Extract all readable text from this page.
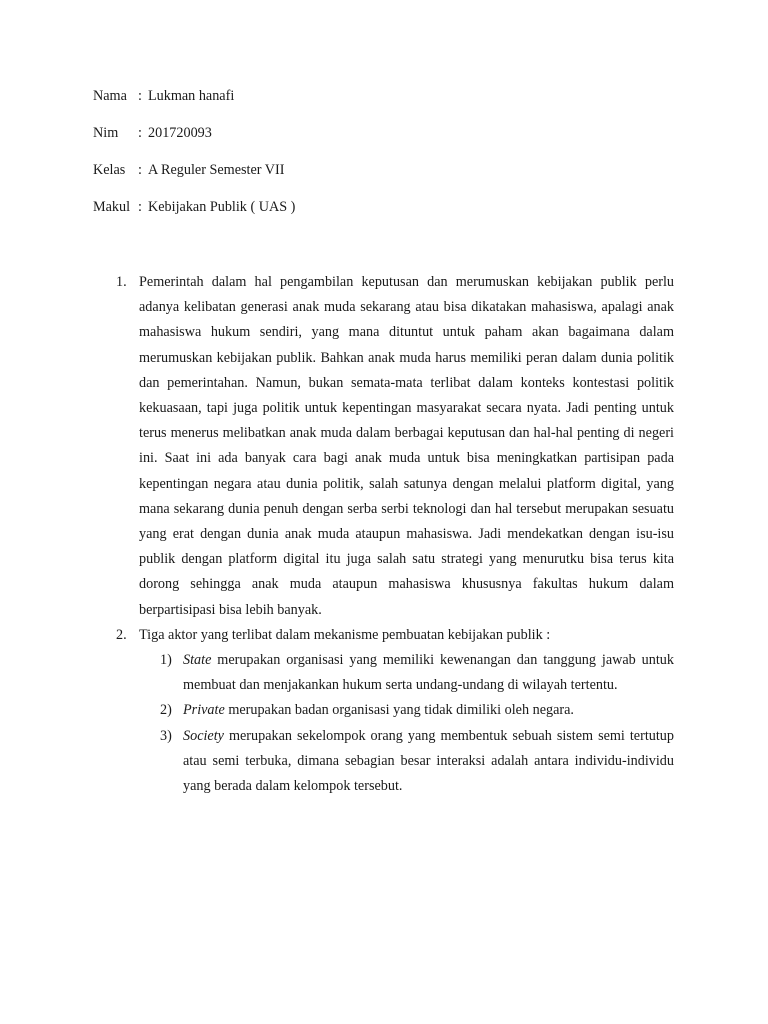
Nama : Lukman hanafi
Nim : 201720093
Kelas : A Reguler Semester VII
Makul : Kebijakan Publik ( UAS )
1. Pemerintah dalam hal pengambilan keputusan dan merumuskan kebijakan publik perlu adanya kelibatan generasi anak muda sekarang atau bisa dikatakan mahasiswa, apalagi anak mahasiswa hukum sendiri, yang mana dituntut untuk paham akan bagaimana dalam merumuskan kebijakan publik. Bahkan anak muda harus memiliki peran dalam dunia politik dan pemerintahan. Namun, bukan semata-mata terlibat dalam konteks kontestasi politik kekuasaan, tapi juga politik untuk kepentingan masyarakat secara nyata. Jadi penting untuk terus menerus melibatkan anak muda dalam berbagai keputusan dan hal-hal penting di negeri ini. Saat ini ada banyak cara bagi anak muda untuk bisa meningkatkan partisipan pada kepentingan negara atau dunia politik, salah satunya dengan melalui platform digital, yang mana sekarang dunia penuh dengan serba serbi teknologi dan hal tersebut merupakan sesuatu yang erat dengan dunia anak muda ataupun mahasiswa. Jadi mendekatkan dengan isu-isu publik dengan platform digital itu juga salah satu strategi yang menurutku bisa terus kita dorong sehingga anak muda ataupun mahasiswa khususnya fakultas hukum dalam berpartisipasi bisa lebih banyak.

2. Tiga aktor yang terlibat dalam mekanisme pembuatan kebijakan publik :

1) State merupakan organisasi yang memiliki kewenangan dan tanggung jawab untuk membuat dan menjakankan hukum serta undang-undang di wilayah tertentu.

2) Private merupakan badan organisasi yang tidak dimiliki oleh negara.

3) Society merupakan sekelompok orang yang membentuk sebuah sistem semi tertutup atau semi terbuka, dimana sebagian besar interaksi adalah antara individu-individu yang berada dalam kelompok tersebut.
